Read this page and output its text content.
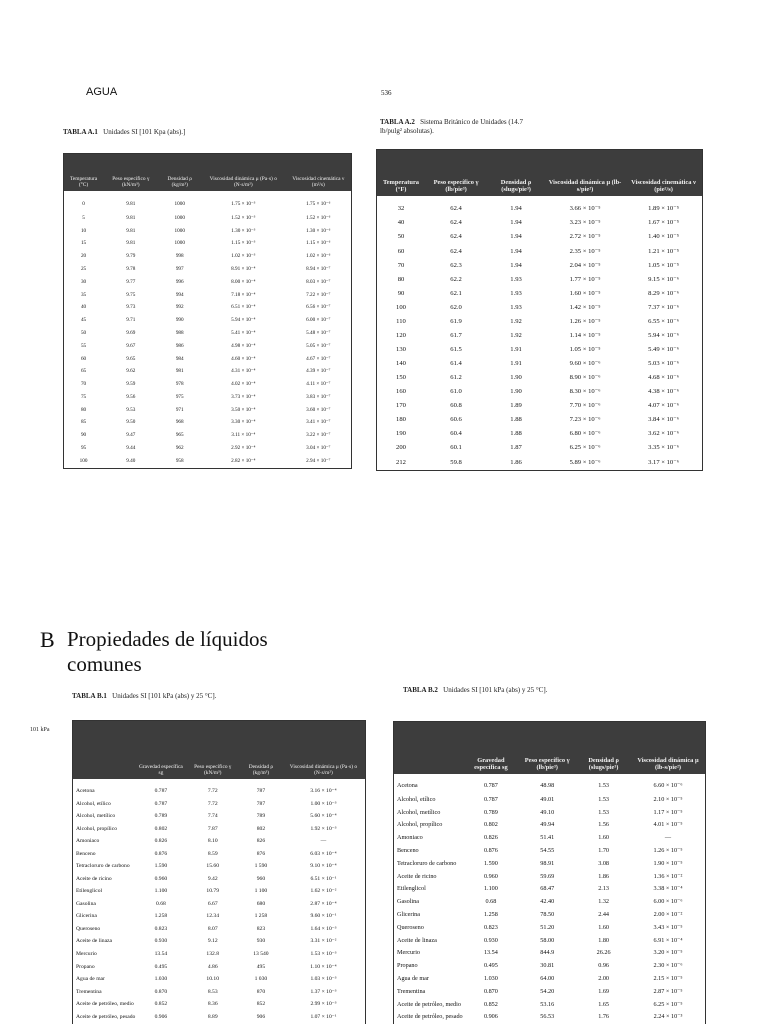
AGUA	536
TABLA A.1 Unidades SI [101 Kpa (abs).]
Temperatura (°C)	Peso específico γ (kN/m³)	Densidad ρ (kg/m³)	Viscosidad dinámica μ (Pa·s) o (N·s/m²)	Viscosidad cinemática ν (m²/s)
0	9.81	1000	1.75 × 10⁻³	1.75 × 10⁻⁶
5	9.81	1000	1.52 × 10⁻³	1.52 × 10⁻⁶
10	9.81	1000	1.30 × 10⁻³	1.30 × 10⁻⁶
15	9.81	1000	1.15 × 10⁻³	1.15 × 10⁻⁶
20	9.79	998	1.02 × 10⁻³	1.02 × 10⁻⁶
25	9.78	997	8.91 × 10⁻⁴	8.94 × 10⁻⁷
30	9.77	996	8.00 × 10⁻⁴	8.03 × 10⁻⁷
35	9.75	994	7.18 × 10⁻⁴	7.22 × 10⁻⁷
40	9.73	992	6.51 × 10⁻⁴	6.56 × 10⁻⁷
45	9.71	990	5.94 × 10⁻⁴	6.00 × 10⁻⁷
50	9.69	988	5.41 × 10⁻⁴	5.48 × 10⁻⁷
55	9.67	986	4.98 × 10⁻⁴	5.05 × 10⁻⁷
60	9.65	984	4.60 × 10⁻⁴	4.67 × 10⁻⁷
65	9.62	981	4.31 × 10⁻⁴	4.39 × 10⁻⁷
70	9.59	978	4.02 × 10⁻⁴	4.11 × 10⁻⁷
75	9.56	975	3.73 × 10⁻⁴	3.83 × 10⁻⁷
80	9.53	971	3.50 × 10⁻⁴	3.60 × 10⁻⁷
85	9.50	968	3.30 × 10⁻⁴	3.41 × 10⁻⁷
90	9.47	965	3.11 × 10⁻⁴	3.22 × 10⁻⁷
95	9.44	962	2.92 × 10⁻⁴	3.04 × 10⁻⁷
100	9.40	958	2.82 × 10⁻⁴	2.94 × 10⁻⁷
TABLA A.2 Sistema Británico de Unidades (14.7 lb/pulg² absolutas).
Temperatura (°F)	Peso específico γ (lb/pie³)	Densidad ρ (slugs/pie³)	Viscosidad dinámica μ (lb-s/pie²)	Viscosidad cinemática ν (pie²/s)
32	62.4	1.94	3.66 × 10⁻⁵	1.89 × 10⁻⁵
40	62.4	1.94	3.23 × 10⁻⁵	1.67 × 10⁻⁵
50	62.4	1.94	2.72 × 10⁻⁵	1.40 × 10⁻⁵
60	62.4	1.94	2.35 × 10⁻⁵	1.21 × 10⁻⁵
70	62.3	1.94	2.04 × 10⁻⁵	1.05 × 10⁻⁵
80	62.2	1.93	1.77 × 10⁻⁵	9.15 × 10⁻⁶
90	62.1	1.93	1.60 × 10⁻⁵	8.29 × 10⁻⁶
100	62.0	1.93	1.42 × 10⁻⁵	7.37 × 10⁻⁶
110	61.9	1.92	1.26 × 10⁻⁵	6.55 × 10⁻⁶
120	61.7	1.92	1.14 × 10⁻⁵	5.94 × 10⁻⁶
130	61.5	1.91	1.05 × 10⁻⁵	5.49 × 10⁻⁶
140	61.4	1.91	9.60 × 10⁻⁶	5.03 × 10⁻⁶
150	61.2	1.90	8.90 × 10⁻⁶	4.68 × 10⁻⁶
160	61.0	1.90	8.30 × 10⁻⁶	4.38 × 10⁻⁶
170	60.8	1.89	7.70 × 10⁻⁶	4.07 × 10⁻⁶
180	60.6	1.88	7.23 × 10⁻⁶	3.84 × 10⁻⁶
190	60.4	1.88	6.80 × 10⁻⁶	3.62 × 10⁻⁶
200	60.1	1.87	6.25 × 10⁻⁶	3.35 × 10⁻⁶
212	59.8	1.86	5.89 × 10⁻⁶	3.17 × 10⁻⁶
B Propiedades de líquidos comunes
101 kPa
TABLA B.1 Unidades SI [101 kPa (abs) y 25 °C].
	Gravedad específica sg	Peso específico γ (kN/m³)	Densidad ρ (kg/m³)	Viscosidad dinámica μ (Pa·s) o (N·s/m²)
Acetona	0.787	7.72	787	3.16 × 10⁻⁴
Alcohol, etílico	0.787	7.72	787	1.00 × 10⁻³
Alcohol, metílico	0.789	7.74	789	5.60 × 10⁻⁴
Alcohol, propílico	0.802	7.87	802	1.92 × 10⁻³
Amoniaco	0.826	8.10	826	—
Benceno	0.876	8.59	876	6.03 × 10⁻⁴
Tetracloruro de carbono	1.590	15.60	1 590	9.10 × 10⁻⁴
Aceite de ricino	0.960	9.42	960	6.51 × 10⁻¹
Etilenglicol	1.100	10.79	1 100	1.62 × 10⁻²
Gasolina	0.68	6.67	680	2.87 × 10⁻⁴
Glicerina	1.258	12.34	1 258	9.60 × 10⁻¹
Queroseno	0.823	8.07	823	1.64 × 10⁻³
Aceite de linaza	0.930	9.12	930	3.31 × 10⁻²
Mercurio	13.54	132.8	13 540	1.53 × 10⁻³
Propano	0.495	4.86	495	1.10 × 10⁻⁴
Agua de mar	1.030	10.10	1 030	1.03 × 10⁻³
Trementina	0.870	8.53	870	1.37 × 10⁻³
Aceite de petróleo, medio	0.852	8.36	852	2.99 × 10⁻³
Aceite de petróleo, pesado	0.906	8.89	906	1.07 × 10⁻¹
TABLA B.2 Unidades SI [101 kPa (abs) y 25 °C].
	Gravedad específica sg	Peso específico γ (lb/pie³)	Densidad ρ (slugs/pie³)	Viscosidad dinámica μ (lb-s/pie²)
Acetona	0.787	48.98	1.53	6.60 × 10⁻⁶
Alcohol, etílico	0.787	49.01	1.53	2.10 × 10⁻⁵
Alcohol, metílico	0.789	49.10	1.53	1.17 × 10⁻⁵
Alcohol, propílico	0.802	49.94	1.56	4.01 × 10⁻⁵
Amoniaco	0.826	51.41	1.60	—
Benceno	0.876	54.55	1.70	1.26 × 10⁻⁵
Tetracloruro de carbono	1.590	98.91	3.08	1.90 × 10⁻⁵
Aceite de ricino	0.960	59.69	1.86	1.36 × 10⁻²
Etilenglicol	1.100	68.47	2.13	3.38 × 10⁻⁴
Gasolina	0.68	42.40	1.32	6.00 × 10⁻⁶
Glicerina	1.258	78.50	2.44	2.00 × 10⁻²
Queroseno	0.823	51.20	1.60	3.43 × 10⁻⁵
Aceite de linaza	0.930	58.00	1.80	6.91 × 10⁻⁴
Mercurio	13.54	844.9	26.26	3.20 × 10⁻⁵
Propano	0.495	30.81	0.96	2.30 × 10⁻⁶
Agua de mar	1.030	64.00	2.00	2.15 × 10⁻⁵
Trementina	0.870	54.20	1.69	2.87 × 10⁻⁵
Aceite de petróleo, medio	0.852	53.16	1.65	6.25 × 10⁻⁵
Aceite de petróleo, pesado	0.906	56.53	1.76	2.24 × 10⁻³
